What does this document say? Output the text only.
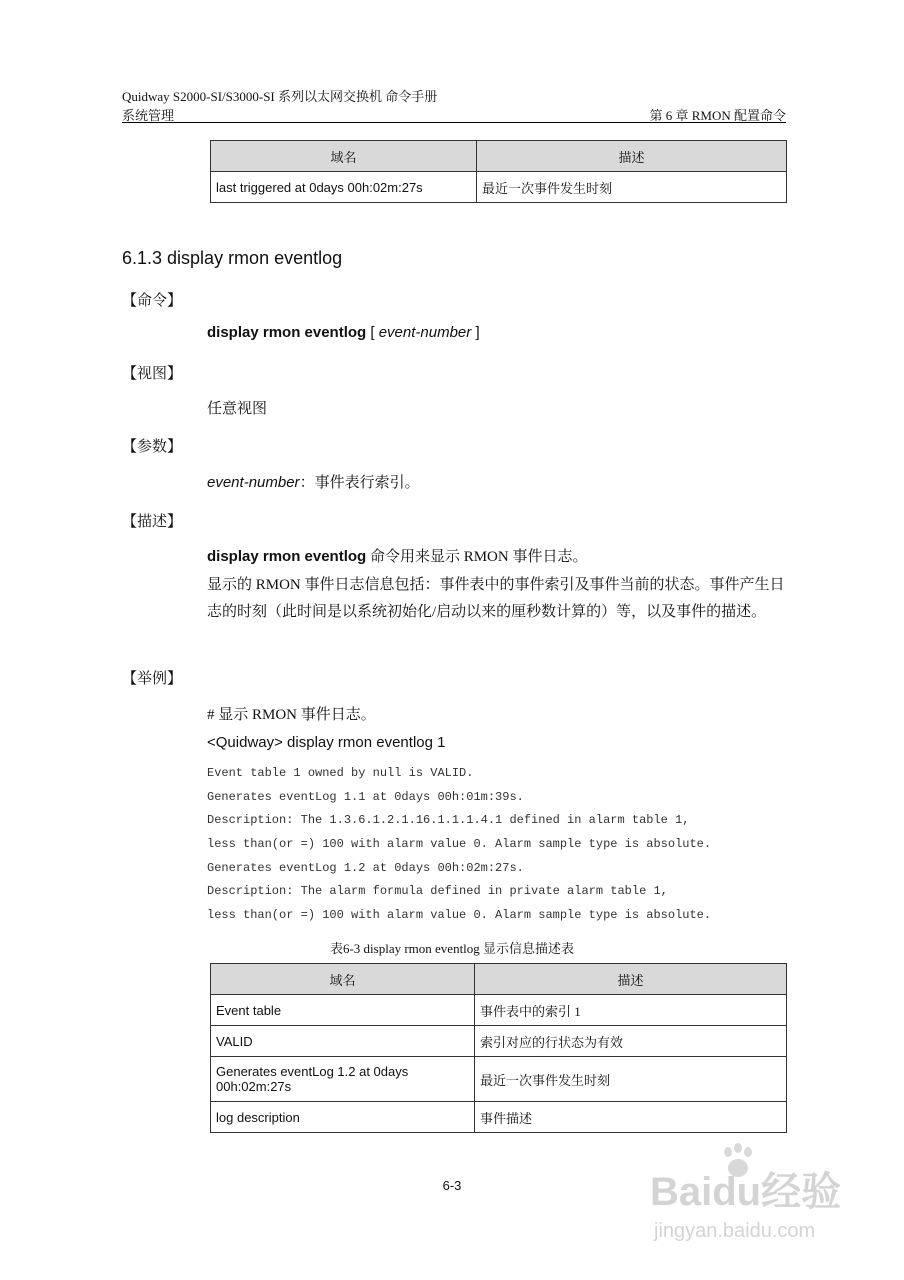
Quidway S2000-SI/S3000-SI 系列以太网交换机 命令手册
系统管理	第 6 章 RMON 配置命令
域名	描述
last triggered at 0days 00h:02m:27s	最近一次事件发生时刻
6.1.3 display rmon eventlog
【命令】
display rmon eventlog [ event-number ]
【视图】
任意视图
【参数】
event-number：事件表行索引。
【描述】
display rmon eventlog 命令用来显示 RMON 事件日志。
显示的 RMON 事件日志信息包括：事件表中的事件索引及事件当前的状态。事件产生日志的时刻（此时间是以系统初始化/启动以来的厘秒数计算的）等，以及事件的描述。
【举例】
# 显示 RMON 事件日志。
<Quidway> display rmon eventlog 1
Event table 1 owned by null is VALID.
Generates eventLog 1.1 at 0days 00h:01m:39s.
Description: The 1.3.6.1.2.1.16.1.1.1.4.1 defined in alarm table 1,
less than(or =) 100 with alarm value 0. Alarm sample type is absolute.
Generates eventLog 1.2 at 0days 00h:02m:27s.
Description: The alarm formula defined in private alarm table 1,
less than(or =) 100 with alarm value 0. Alarm sample type is absolute.
表6-3 display rmon eventlog 显示信息描述表
域名	描述
Event table	事件表中的索引 1
VALID	索引对应的行状态为有效
Generates eventLog 1.2 at 0days 00h:02m:27s	最近一次事件发生时刻
log description	事件描述
6-3	Baidu经验
jingyan.baidu.com
